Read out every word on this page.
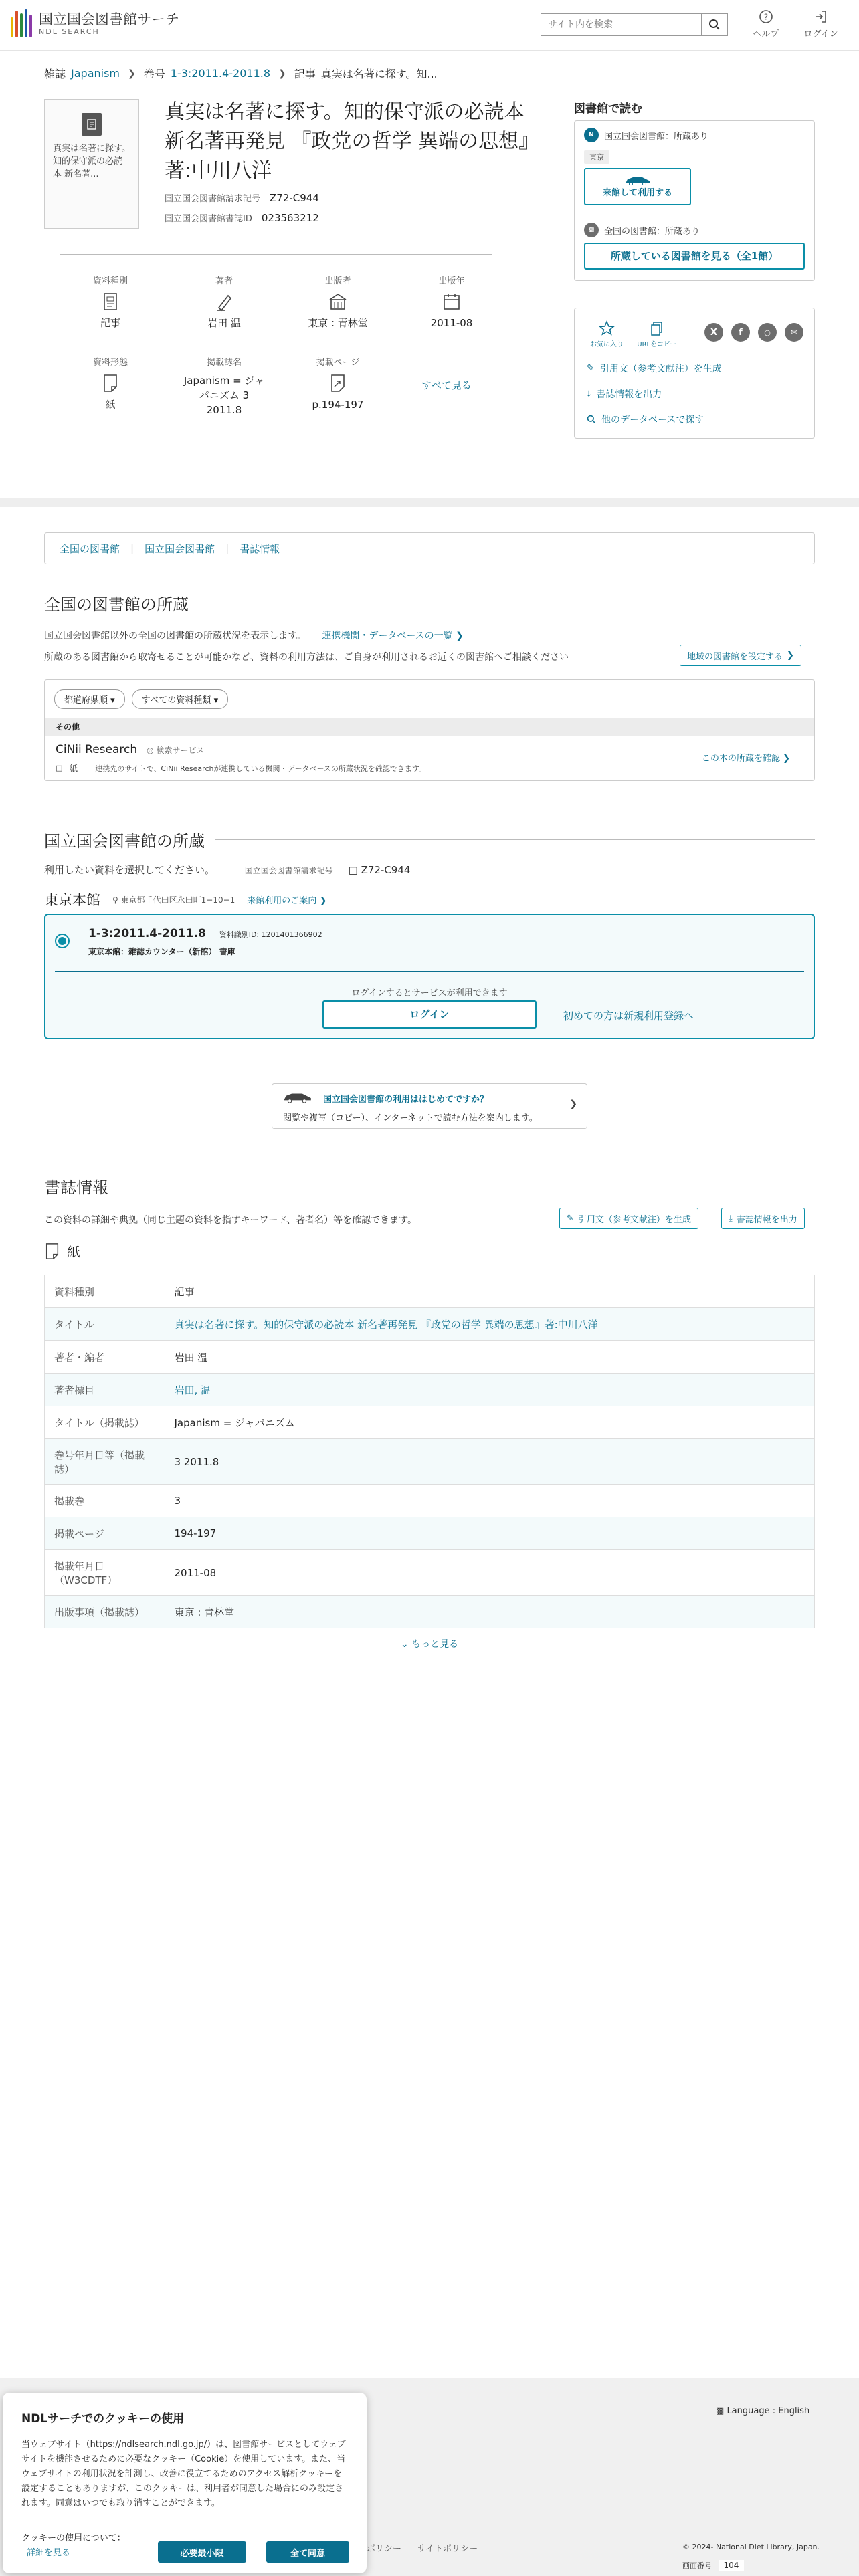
国立国会図書館サーチ
NDL SEARCH
サイト内を検索
?
ヘルプ	ログイン
雑誌 Japanism ❯ 巻号 1-3:2011.4-2011.8 ❯ 記事 真実は名著に探す。知...
真実は名著に探す。知的保守派の必読本 新名著...
真実は名著に探す。知的保守派の必読本 新名著再発見 『政党の哲学 異端の思想』著:中川八洋
国立国会図書館請求記号 Z72-C944
国立国会図書館書誌ID 023563212
資料種別
記事
著者
岩田 温
出版者
東京 : 青林堂
出版年
2011-08
資料形態
紙
掲載誌名
Japanism = ジャパニズム 3 2011.8
掲載ページ
p.194-197
すべて見る
図書館で読む
N	国立国会図書館：所蔵あり
東京
来館して利用する
▩	全国の図書館：所蔵あり
所蔵している図書館を見る（全1館）
お気に入り	URLをコピー
X	f	○	✉
✎ 引用文（参考文献注）を生成
⤓ 書誌情報を出力
他のデータベースで探す
全国の図書館 | 国立国会図書館 | 書誌情報
全国の図書館の所蔵
国立国会図書館以外の全国の図書館の所蔵状況を表示します。 連携機関・データベースの一覧 ❯
所蔵のある図書館から取寄せることが可能かなど、資料の利用方法は、ご自身が利用されるお近くの図書館へご相談ください	地域の図書館を設定する ❯
都道府県順 ▾	すべての資料種類 ▾
その他
CiNii Research ◎ 検索サービス
□ 紙 連携先のサイトで、CiNii Researchが連携している機関・データベースの所蔵状況を確認できます。
この本の所蔵を確認 ❯
国立国会図書館の所蔵
利用したい資料を選択してください。	国立国会図書館請求記号 □ Z72-C944
東京本館 ⚲ 東京都千代田区永田町1−10−1 来館利用のご案内 ❯
1-3:2011.4-2011.8 資料識別ID: 1201401366902
東京本館：雑誌カウンター（新館） 書庫
ログインするとサービスが利用できます
ログイン	初めての方は新規利用登録へ
国立国会図書館の利用ははじめてですか？
閲覧や複写（コピー）、インターネットで読む方法を案内します。
❯
書誌情報
この資料の詳細や典拠（同じ主題の資料を指すキーワード、著者名）等を確認できます。	✎ 引用文（参考文献注）を生成	⤓ 書誌情報を出力
紙
資料種別	記事
タイトル	真実は名著に探す。知的保守派の必読本 新名著再発見 『政党の哲学 異端の思想』著:中川八洋
著者・編者	岩田 温
著者標目	岩田, 温
タイトル（掲載誌）	Japanism = ジャパニズム
巻号年月日等（掲載誌）	3 2011.8
掲載巻	3
掲載ページ	194-197
掲載年月日（W3CDTF）	2011-08
出版事項（掲載誌）	東京 : 青林堂
⌄ もっと見る
▩ Language : English
ポリシー サイトポリシー	© 2024- National Diet Library, Japan.
画面番号 104
NDLサーチでのクッキーの使用

当ウェブサイト（https://ndlsearch.ndl.go.jp/）は、図書館サービスとしてウェブサイトを機能させるために必要なクッキー（Cookie）を使用しています。また、当ウェブサイトの利用状況を計測し、改善に役立てるためのアクセス解析クッキーを設定することもありますが、このクッキーは、利用者が同意した場合にのみ設定されます。同意はいつでも取り消すことができます。

クッキーの使用について：
詳細を見る	必要最小限	全て同意
